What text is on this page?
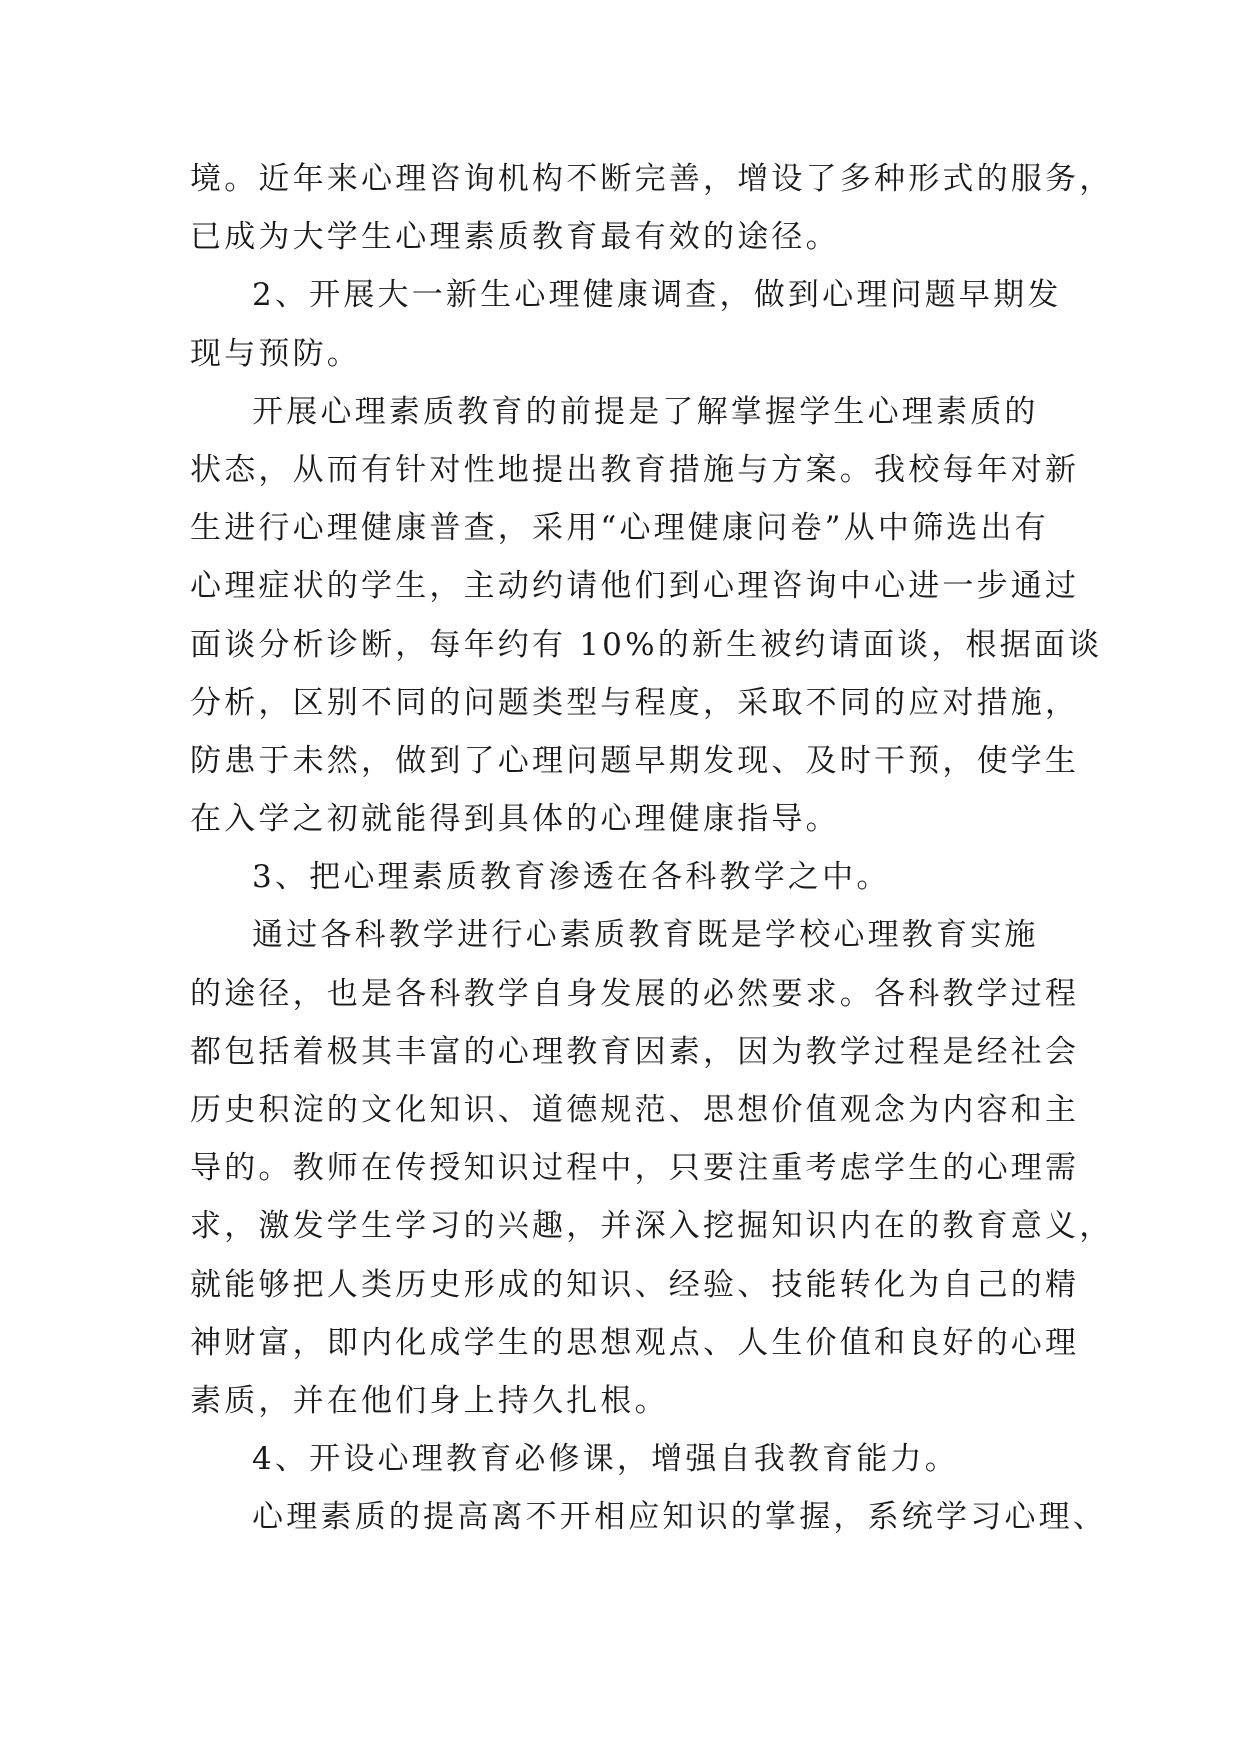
境。近年来心理咨询机构不断完善，增设了多种形式的服务，
已成为大学生心理素质教育最有效的途径。
2、开展大一新生心理健康调查，做到心理问题早期发
现与预防。
开展心理素质教育的前提是了解掌握学生心理素质的
状态，从而有针对性地提出教育措施与方案。我校每年对新
生进行心理健康普查，采用“心理健康问卷”从中筛选出有
心理症状的学生，主动约请他们到心理咨询中心进一步通过
面谈分析诊断，每年约有 10%的新生被约请面谈，根据面谈
分析，区别不同的问题类型与程度，采取不同的应对措施，
防患于未然，做到了心理问题早期发现、及时干预，使学生
在入学之初就能得到具体的心理健康指导。
3、把心理素质教育渗透在各科教学之中。
通过各科教学进行心素质教育既是学校心理教育实施
的途径，也是各科教学自身发展的必然要求。各科教学过程
都包括着极其丰富的心理教育因素，因为教学过程是经社会
历史积淀的文化知识、道德规范、思想价值观念为内容和主
导的。教师在传授知识过程中，只要注重考虑学生的心理需
求，激发学生学习的兴趣，并深入挖掘知识内在的教育意义，
就能够把人类历史形成的知识、经验、技能转化为自己的精
神财富，即内化成学生的思想观点、人生价值和良好的心理
素质，并在他们身上持久扎根。
4、开设心理教育必修课，增强自我教育能力。
心理素质的提高离不开相应知识的掌握，系统学习心理、
